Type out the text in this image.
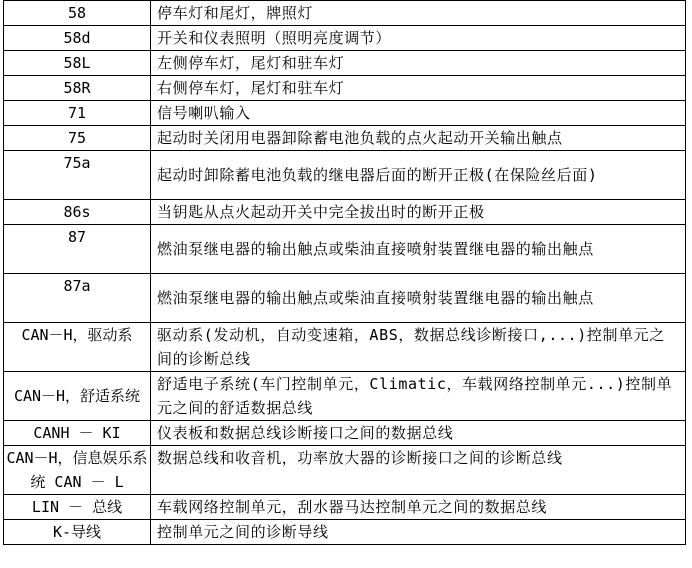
58	停车灯和尾灯，牌照灯
58d	开关和仪表照明（照明亮度调节）
58L	左侧停车灯，尾灯和驻车灯
58R	右侧停车灯，尾灯和驻车灯
71	信号喇叭输入
75	起动时关闭用电器卸除蓄电池负载的点火起动开关输出触点
75a	起动时卸除蓄电池负载的继电器后面的断开正极(在保险丝后面)
86s	当钥匙从点火起动开关中完全拔出时的断开正极
87	燃油泵继电器的输出触点或柴油直接喷射装置继电器的输出触点
87a	燃油泵继电器的输出触点或柴油直接喷射装置继电器的输出触点
CAN－H，驱动系	驱动系(发动机，自动变速箱，ABS，数据总线诊断接口,...)控制单元之间的诊断总线
CAN－H，舒适系统	舒适电子系统(车门控制单元，Climatic，车载网络控制单元...)控制单元之间的舒适数据总线
CANH － KI	仪表板和数据总线诊断接口之间的数据总线
CAN－H，信息娱乐系统 CAN － L	数据总线和收音机，功率放大器的诊断接口之间的诊断总线
LIN － 总线	车载网络控制单元，刮水器马达控制单元之间的数据总线
K-导线	控制单元之间的诊断导线
